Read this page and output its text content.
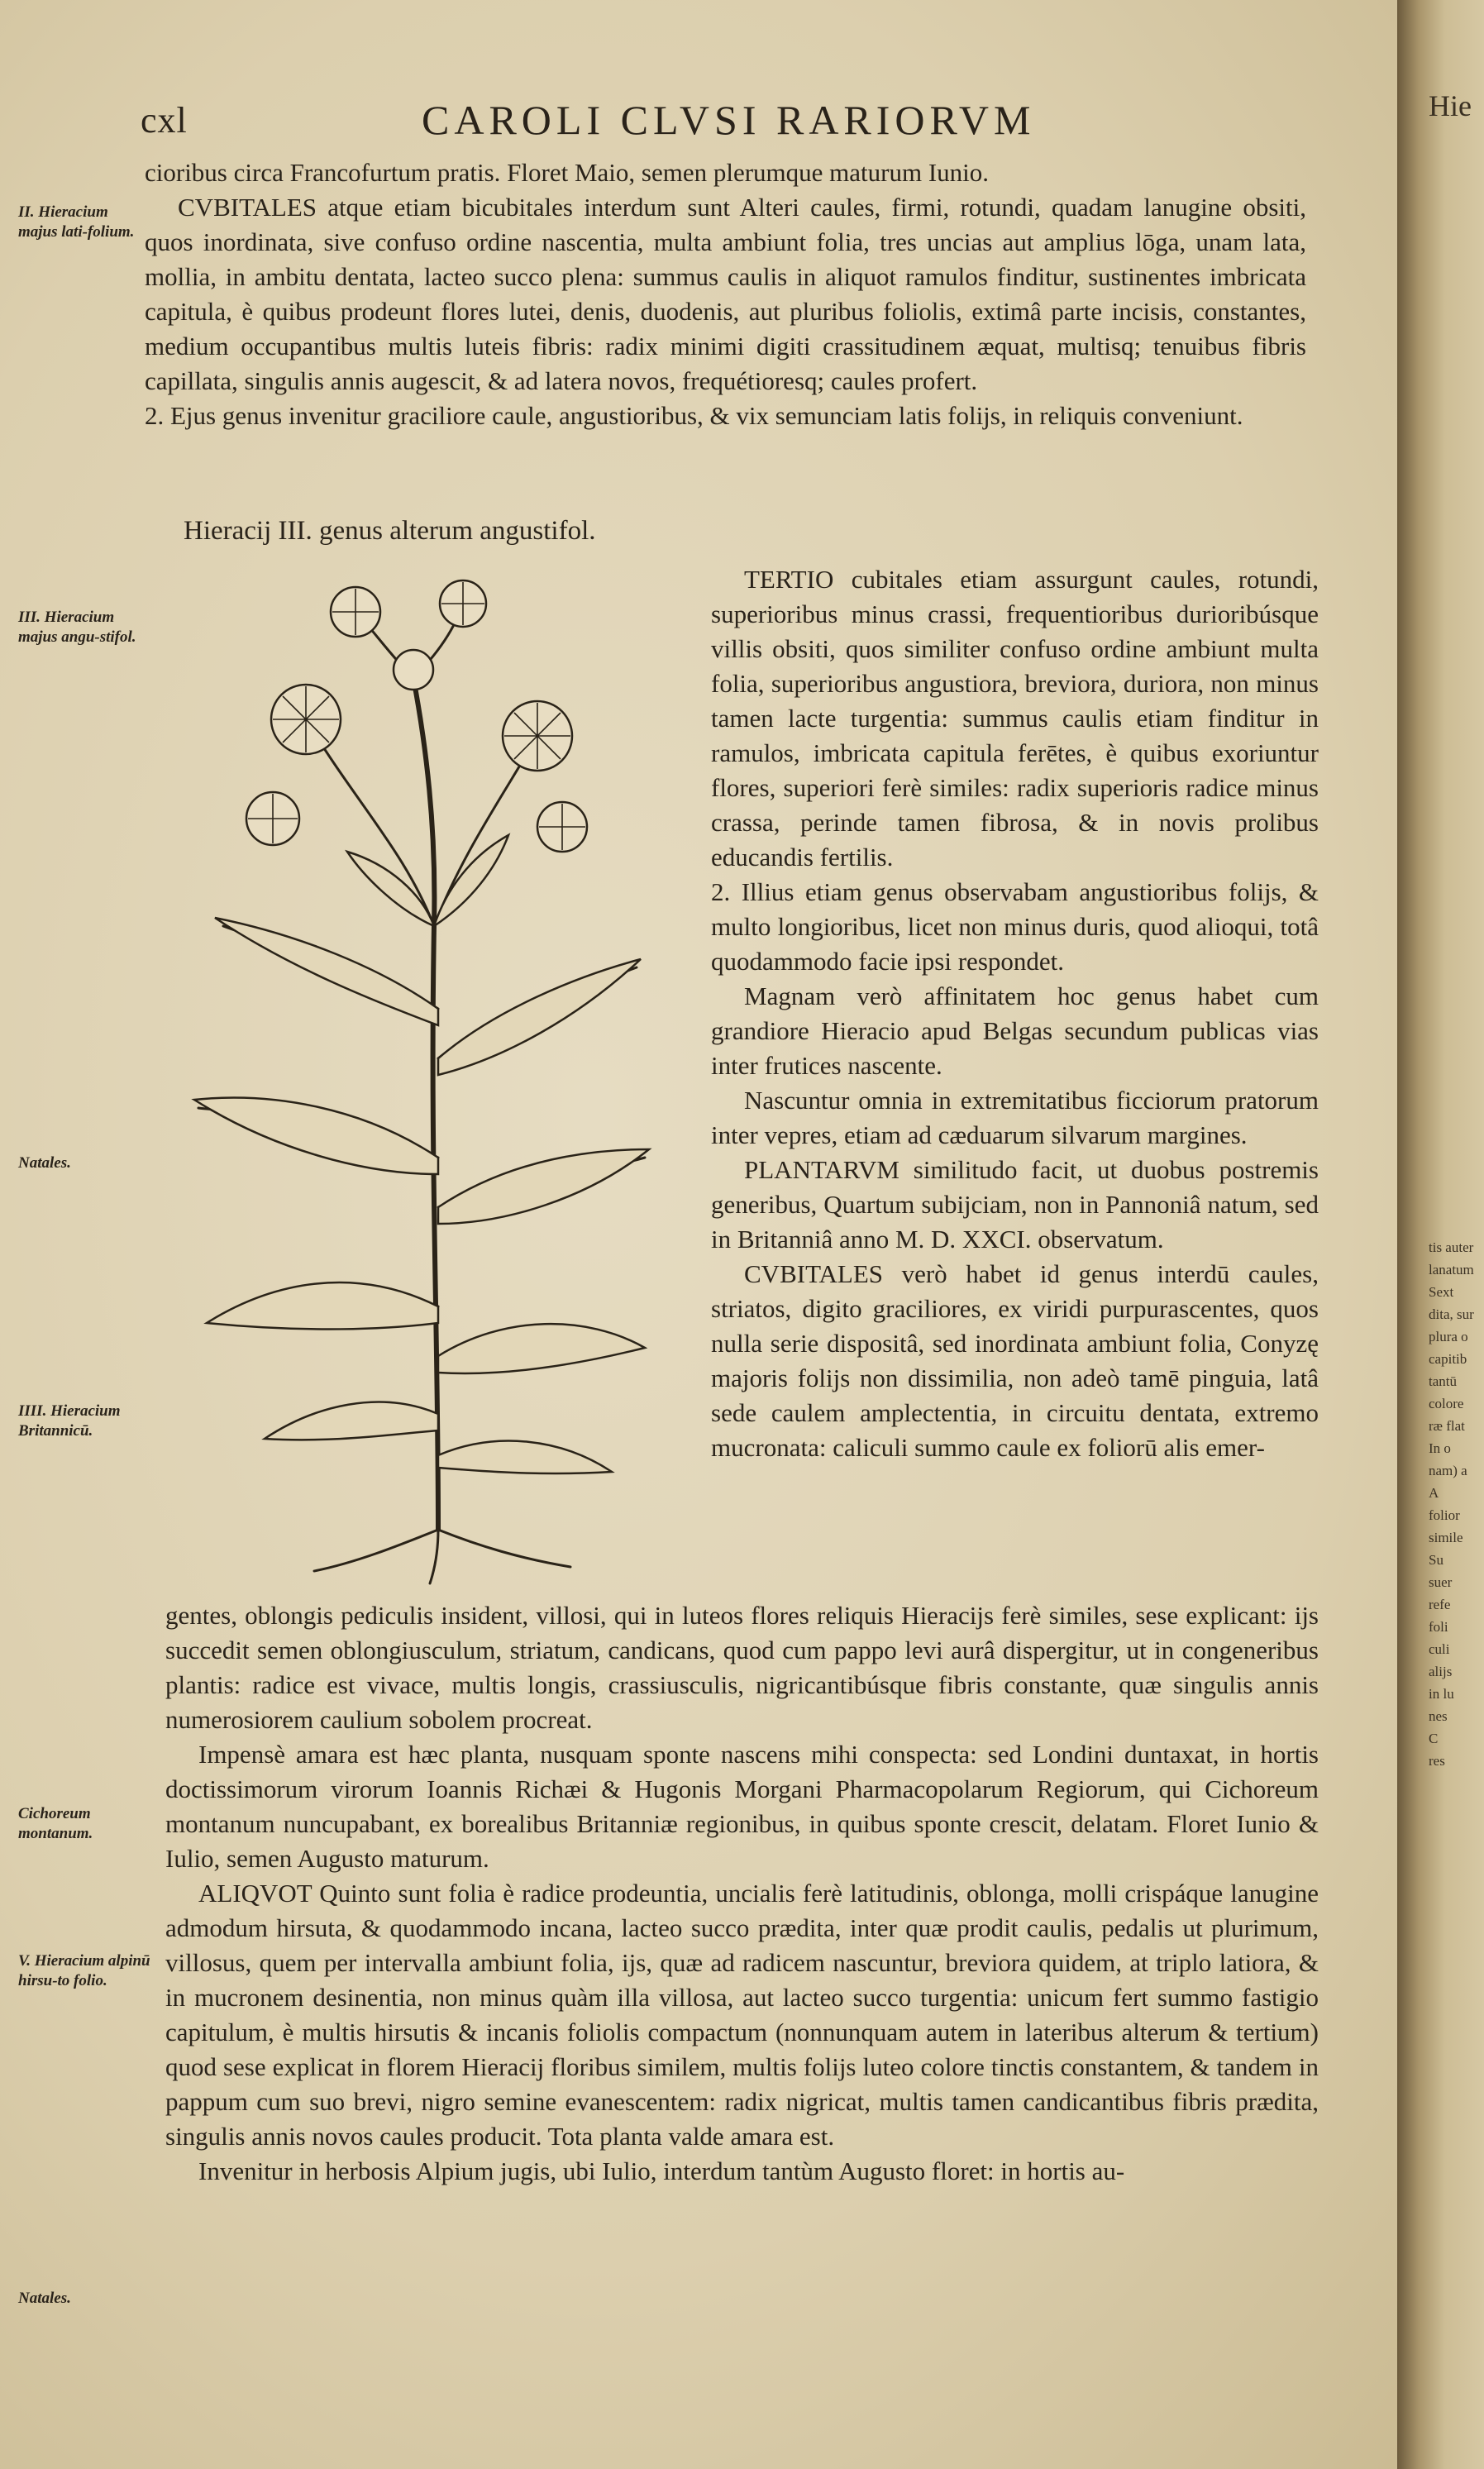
Hie
tis auter
lanatum
Sext
dita, sur
plura o
capitib
tantū
colore
ræ flat
In o
nam) a
A
folior
simile
Su
suer
refe
foli
culi
alijs
in lu
nes
C
res
cxl	CAROLI CLVSI RARIORVM
II. Hieracium majus lati-folium.
III. Hieracium majus angu-stifol.
Natales.
IIII. Hieracium Britannicū.
Cichoreum montanum.
V. Hieracium alpinū hirsu-to folio.
Natales.

cioribus circa Francofurtum pratis. Floret Maio, semen plerumque maturum Iunio.

CVBITALES atque etiam bicubitales interdum sunt Alteri caules, firmi, rotundi, quadam lanugine obsiti, quos inordinata, sive confuso ordine nascentia, multa ambiunt folia, tres uncias aut amplius lōga, unam lata, mollia, in ambitu dentata, lacteo succo plena: summus caulis in aliquot ramulos finditur, sustinentes imbricata capitula, è quibus prodeunt flores lutei, denis, duodenis, aut pluribus foliolis, extimâ parte incisis, constantes, medium occupantibus multis luteis fibris: radix minimi digiti crassitudinem æquat, multisq; tenuibus fibris capillata, singulis annis augescit, & ad latera novos, frequétioresq; caules profert.

2. Ejus genus invenitur graciliore caule, angustioribus, & vix semunciam latis folijs, in reliquis conveniunt.

Hieracij III. genus alterum angustifol.

TERTIO cubitales etiam assurgunt caules, rotundi, superioribus minus crassi, frequentioribus durioribúsque villis obsiti, quos similiter confuso ordine ambiunt multa folia, superioribus angustiora, breviora, duriora, non minus tamen lacte turgentia: summus caulis etiam finditur in ramulos, imbricata capitula ferētes, è quibus exoriuntur flores, superiori ferè similes: radix superioris radice minus crassa, perinde tamen fibrosa, & in novis prolibus educandis fertilis.

2. Illius etiam genus observabam angustioribus folijs, & multo longioribus, licet non minus duris, quod alioqui, totâ quodammodo facie ipsi respondet.

Magnam verò affinitatem hoc genus habet cum grandiore Hieracio apud Belgas secundum publicas vias inter frutices nascente.

Nascuntur omnia in extremitatibus ficciorum pratorum inter vepres, etiam ad cæduarum silvarum margines.

PLANTARVM similitudo facit, ut duobus postremis generibus, Quartum subijciam, non in Pannoniâ natum, sed in Britanniâ anno M. D. XXCI. observatum.

CVBITALES verò habet id genus interdū caules, striatos, digito graciliores, ex viridi purpurascentes, quos nulla serie dispositâ, sed inordinata ambiunt folia, Conyzę majoris folijs non dissimilia, non adeò tamē pinguia, latâ sede caulem amplectentia, in circuitu dentata, extremo mucronata: caliculi summo caule ex foliorū alis emer-

gentes, oblongis pediculis insident, villosi, qui in luteos flores reliquis Hieracijs ferè similes, sese explicant: ijs succedit semen oblongiusculum, striatum, candicans, quod cum pappo levi aurâ dispergitur, ut in congeneribus plantis: radice est vivace, multis longis, crassiusculis, nigricantibúsque fibris constante, quæ singulis annis numerosiorem caulium sobolem procreat.

Impensè amara est hæc planta, nusquam sponte nascens mihi conspecta: sed Londini duntaxat, in hortis doctissimorum virorum Ioannis Richæi & Hugonis Morgani Pharmacopolarum Regiorum, qui Cichoreum montanum nuncupabant, ex borealibus Britanniæ regionibus, in quibus sponte crescit, delatam. Floret Iunio & Iulio, semen Augusto maturum.

ALIQVOT Quinto sunt folia è radice prodeuntia, uncialis ferè latitudinis, oblonga, molli crispáque lanugine admodum hirsuta, & quodammodo incana, lacteo succo prædita, inter quæ prodit caulis, pedalis ut plurimum, villosus, quem per intervalla ambiunt folia, ijs, quæ ad radicem nascuntur, breviora quidem, at triplo latiora, & in mucronem desinentia, non minus quàm illa villosa, aut lacteo succo turgentia: unicum fert summo fastigio capitulum, è multis hirsutis & incanis foliolis compactum (nonnunquam autem in lateribus alterum & tertium) quod sese explicat in florem Hieracij floribus similem, multis folijs luteo colore tinctis constantem, & tandem in pappum cum suo brevi, nigro semine evanescentem: radix nigricat, multis tamen candicantibus fibris prædita, singulis annis novos caules producit. Tota planta valde amara est.

Invenitur in herbosis Alpium jugis, ubi Iulio, interdum tantùm Augusto floret: in hortis au-
